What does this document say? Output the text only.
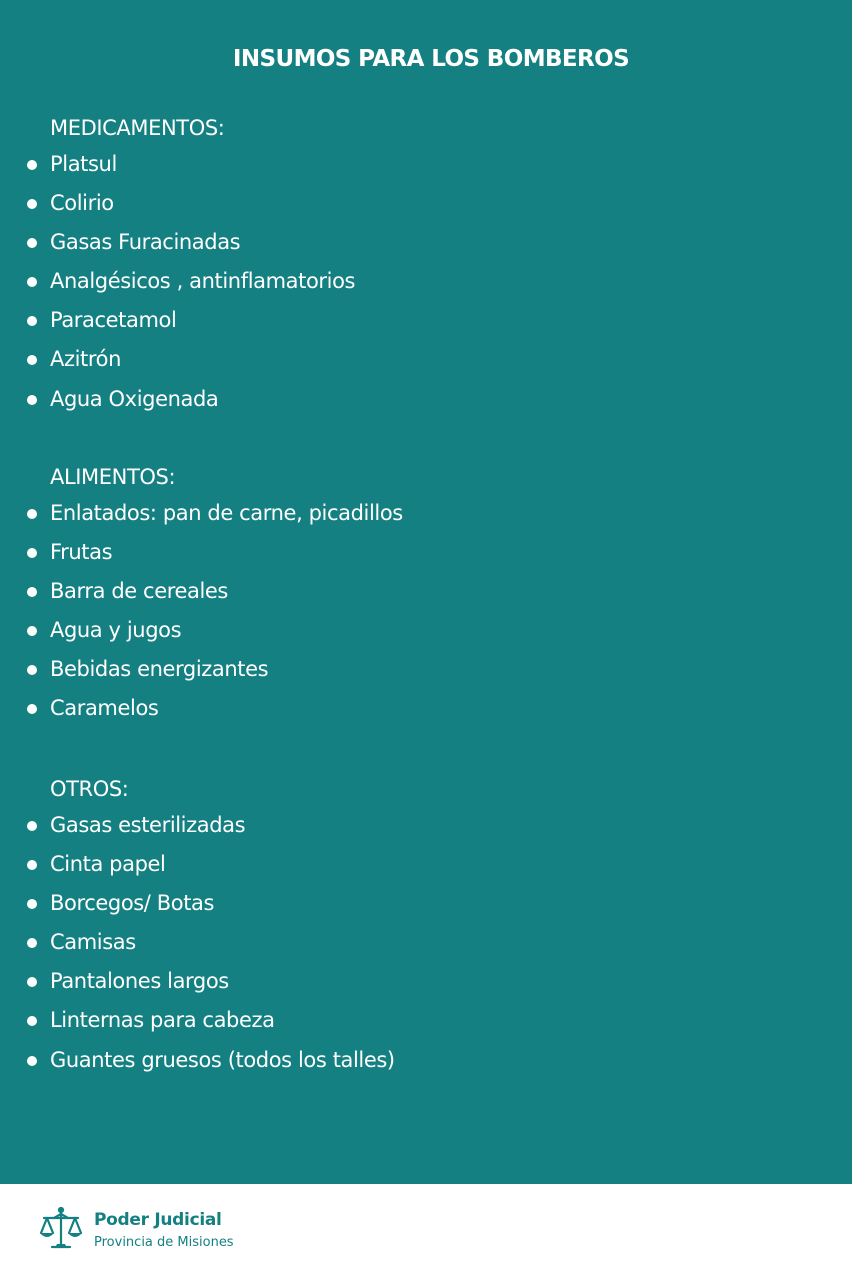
INSUMOS PARA LOS BOMBEROS
MEDICAMENTOS:
Platsul
Colirio
Gasas Furacinadas
Analgésicos , antinflamatorios
Paracetamol
Azitrón
Agua Oxigenada
ALIMENTOS:
Enlatados: pan de carne, picadillos
Frutas
Barra de cereales
Agua y jugos
Bebidas energizantes
Caramelos
OTROS:
Gasas esterilizadas
Cinta papel
Borcegos/ Botas
Camisas
Pantalones largos
Linternas para cabeza
Guantes gruesos (todos los talles)
Poder Judicial
Provincia de Misiones
